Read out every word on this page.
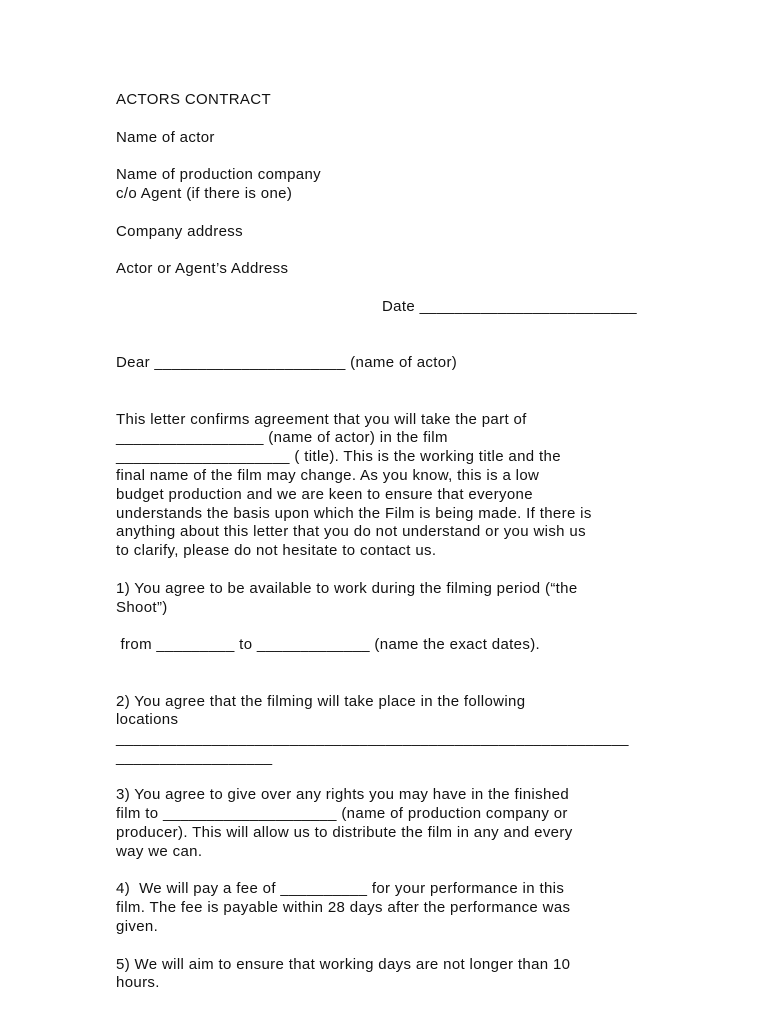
ACTORS CONTRACT
Name of actor
Name of production company
c/o Agent (if there is one)
Company address
Actor or Agent’s Address
Date _________________________
Dear ______________________ (name of actor)
This letter confirms agreement that you will take the part of
_________________ (name of actor) in the film
____________________ ( title). This is the working title and the
final name of the film may change. As you know, this is a low
budget production and we are keen to ensure that everyone
understands the basis upon which the Film is being made. If there is
anything about this letter that you do not understand or you wish us
to clarify, please do not hesitate to contact us.
1) You agree to be available to work during the filming period (“the
Shoot”)
from _________ to _____________ (name the exact dates).
2) You agree that the filming will take place in the following
locations
___________________________________________________________
__________________
3) You agree to give over any rights you may have in the finished
film to ____________________ (name of production company or
producer). This will allow us to distribute the film in any and every
way we can.
4)  We will pay a fee of __________ for your performance in this
film. The fee is payable within 28 days after the performance was
given.
5) We will aim to ensure that working days are not longer than 10
hours.
